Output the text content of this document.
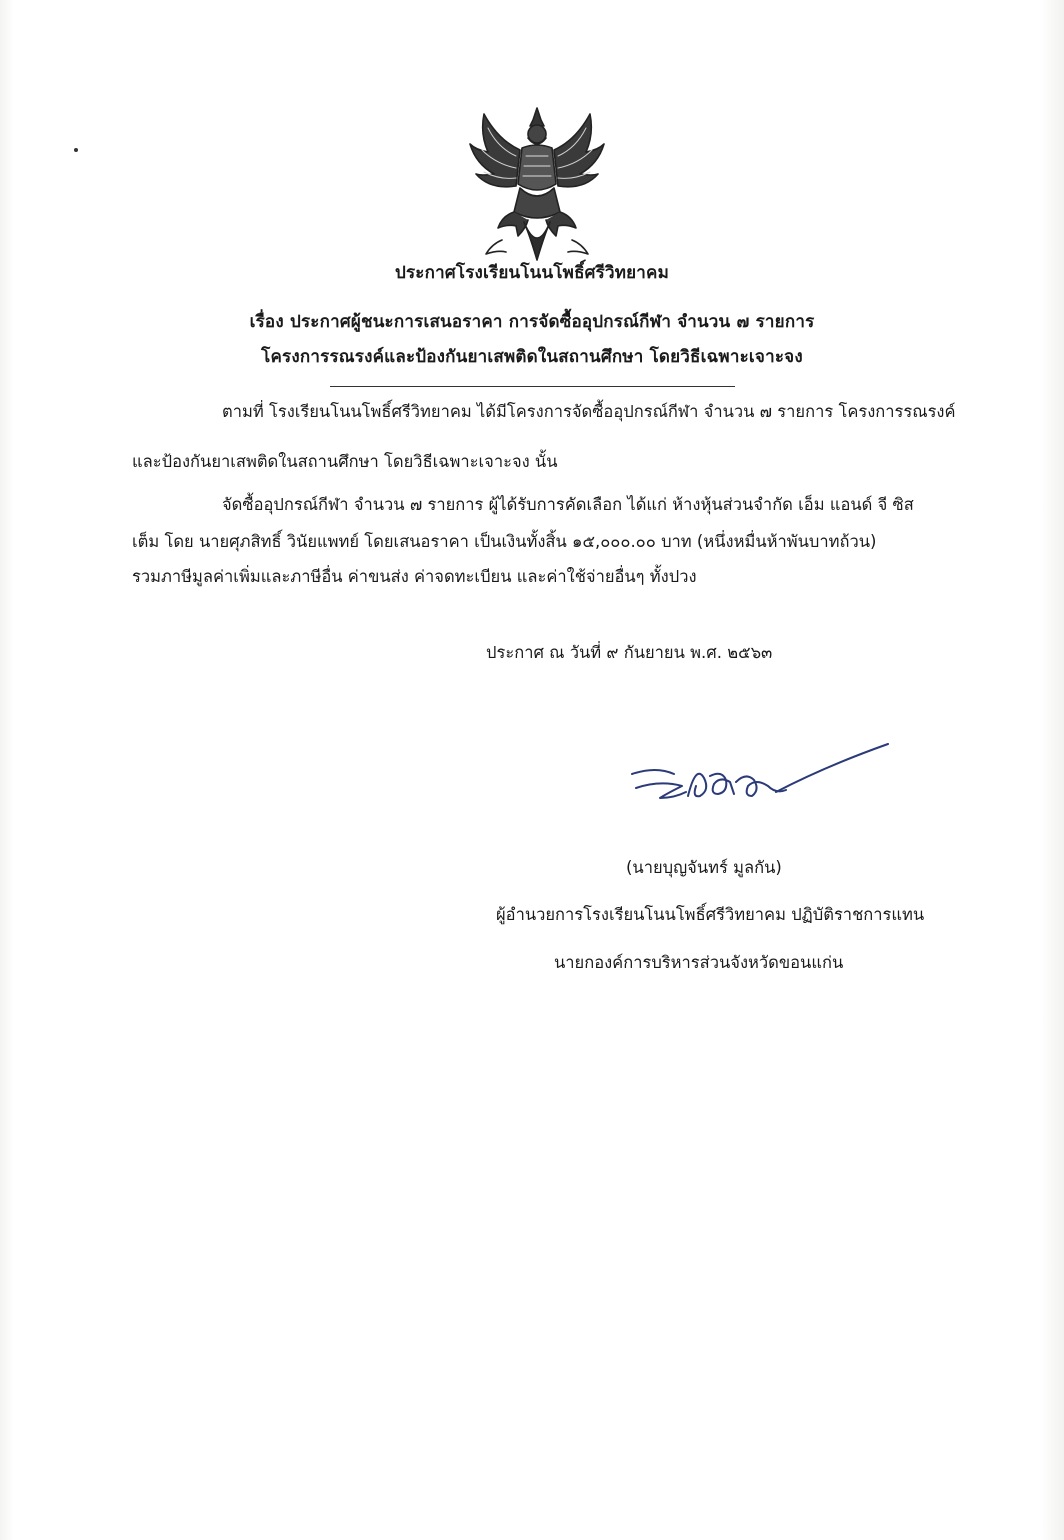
ประกาศโรงเรียนโนนโพธิ์ศรีวิทยาคม
เรื่อง ประกาศผู้ชนะการเสนอราคา การจัดซื้ออุปกรณ์กีฬา จำนวน ๗ รายการ
โครงการรณรงค์และป้องกันยาเสพติดในสถานศึกษา โดยวิธีเฉพาะเจาะจง
ตามที่ โรงเรียนโนนโพธิ์ศรีวิทยาคม ได้มีโครงการจัดซื้ออุปกรณ์กีฬา จำนวน ๗ รายการ โครงการรณรงค์
และป้องกันยาเสพติดในสถานศึกษา โดยวิธีเฉพาะเจาะจง นั้น
จัดซื้ออุปกรณ์กีฬา จำนวน ๗ รายการ ผู้ได้รับการคัดเลือก ได้แก่ ห้างหุ้นส่วนจำกัด เอ็ม แอนด์ จี ซิส
เต็ม โดย นายศุภสิทธิ์ วินัยแพทย์ โดยเสนอราคา เป็นเงินทั้งสิ้น ๑๕,๐๐๐.๐๐ บาท (หนึ่งหมื่นห้าพันบาทถ้วน)
รวมภาษีมูลค่าเพิ่มและภาษีอื่น ค่าขนส่ง ค่าจดทะเบียน และค่าใช้จ่ายอื่นๆ ทั้งปวง
ประกาศ ณ วันที่ ๙ กันยายน พ.ศ. ๒๕๖๓
(นายบุญจันทร์ มูลกัน)
ผู้อำนวยการโรงเรียนโนนโพธิ์ศรีวิทยาคม ปฏิบัติราชการแทน
นายกองค์การบริหารส่วนจังหวัดขอนแก่น
